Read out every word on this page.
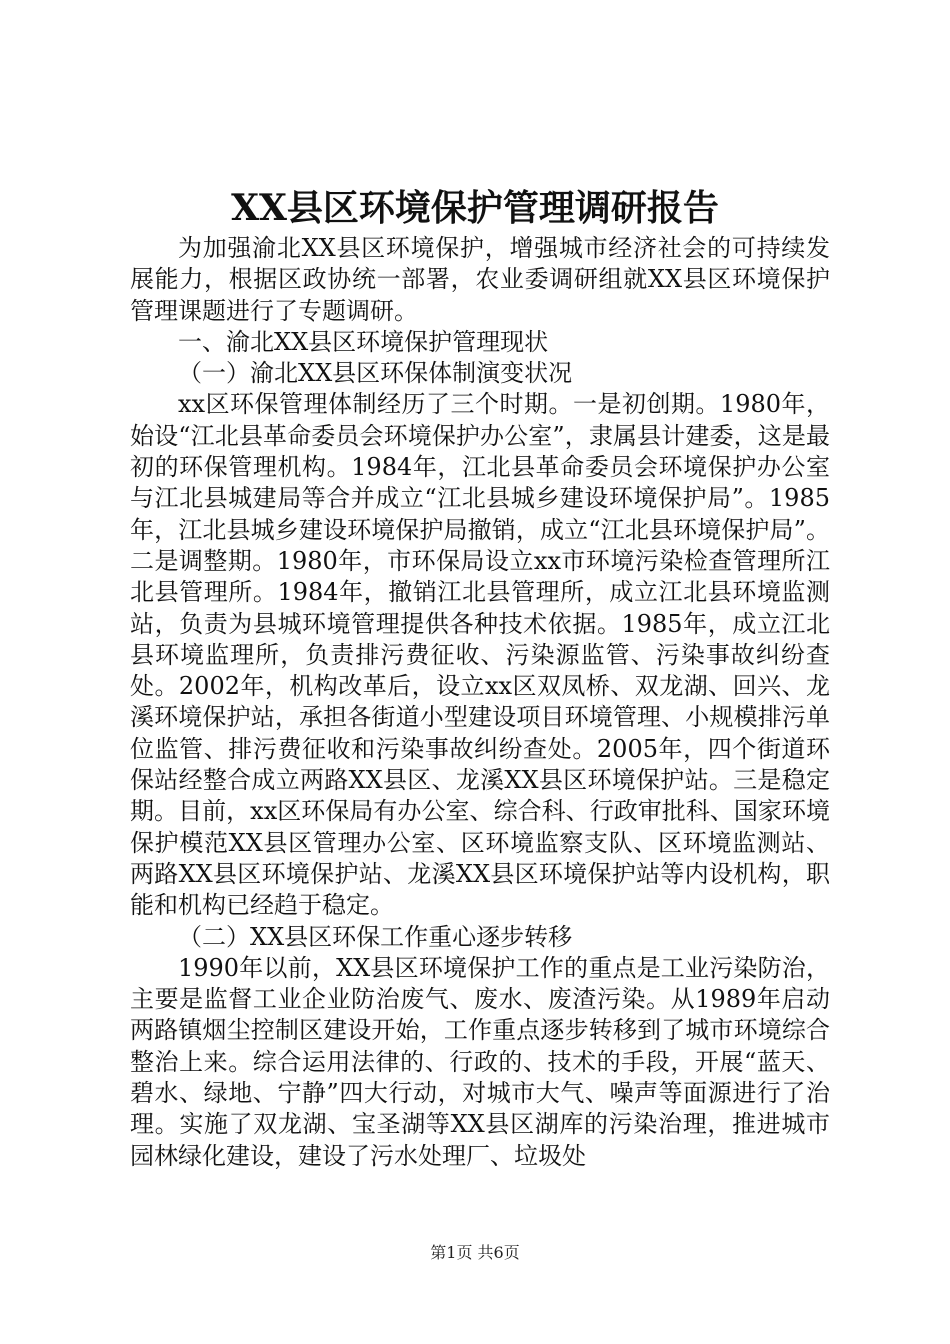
XX县区环境保护管理调研报告

为加强渝北XX县区环境保护，增强城市经济社会的可持续发展能力，根据区政协统一部署，农业委调研组就XX县区环境保护管理课题进行了专题调研。

一、渝北XX县区环境保护管理现状

（一）渝北XX县区环保体制演变状况

xx区环保管理体制经历了三个时期。一是初创期。1980年，始设“江北县革命委员会环境保护办公室”，隶属县计建委，这是最初的环保管理机构。1984年，江北县革命委员会环境保护办公室与江北县城建局等合并成立“江北县城乡建设环境保护局”。1985年，江北县城乡建设环境保护局撤销，成立“江北县环境保护局”。二是调整期。1980年，市环保局设立xx市环境污染检查管理所江北县管理所。1984年，撤销江北县管理所，成立江北县环境监测站，负责为县城环境管理提供各种技术依据。1985年，成立江北县环境监理所，负责排污费征收、污染源监管、污染事故纠纷查处。2002年，机构改革后，设立xx区双凤桥、双龙湖、回兴、龙溪环境保护站，承担各街道小型建设项目环境管理、小规模排污单位监管、排污费征收和污染事故纠纷查处。2005年，四个街道环保站经整合成立两路XX县区、龙溪XX县区环境保护站。三是稳定期。目前，xx区环保局有办公室、综合科、行政审批科、国家环境保护模范XX县区管理办公室、区环境监察支队、区环境监测站、两路XX县区环境保护站、龙溪XX县区环境保护站等内设机构，职能和机构已经趋于稳定。

（二）XX县区环保工作重心逐步转移

1990年以前，XX县区环境保护工作的重点是工业污染防治，主要是监督工业企业防治废气、废水、废渣污染。从1989年启动两路镇烟尘控制区建设开始，工作重点逐步转移到了城市环境综合整治上来。综合运用法律的、行政的、技术的手段，开展“蓝天、碧水、绿地、宁静”四大行动，对城市大气、噪声等面源进行了治理。实施了双龙湖、宝圣湖等XX县区湖库的污染治理，推进城市园林绿化建设，建设了污水处理厂、垃圾处

第1页 共6页
